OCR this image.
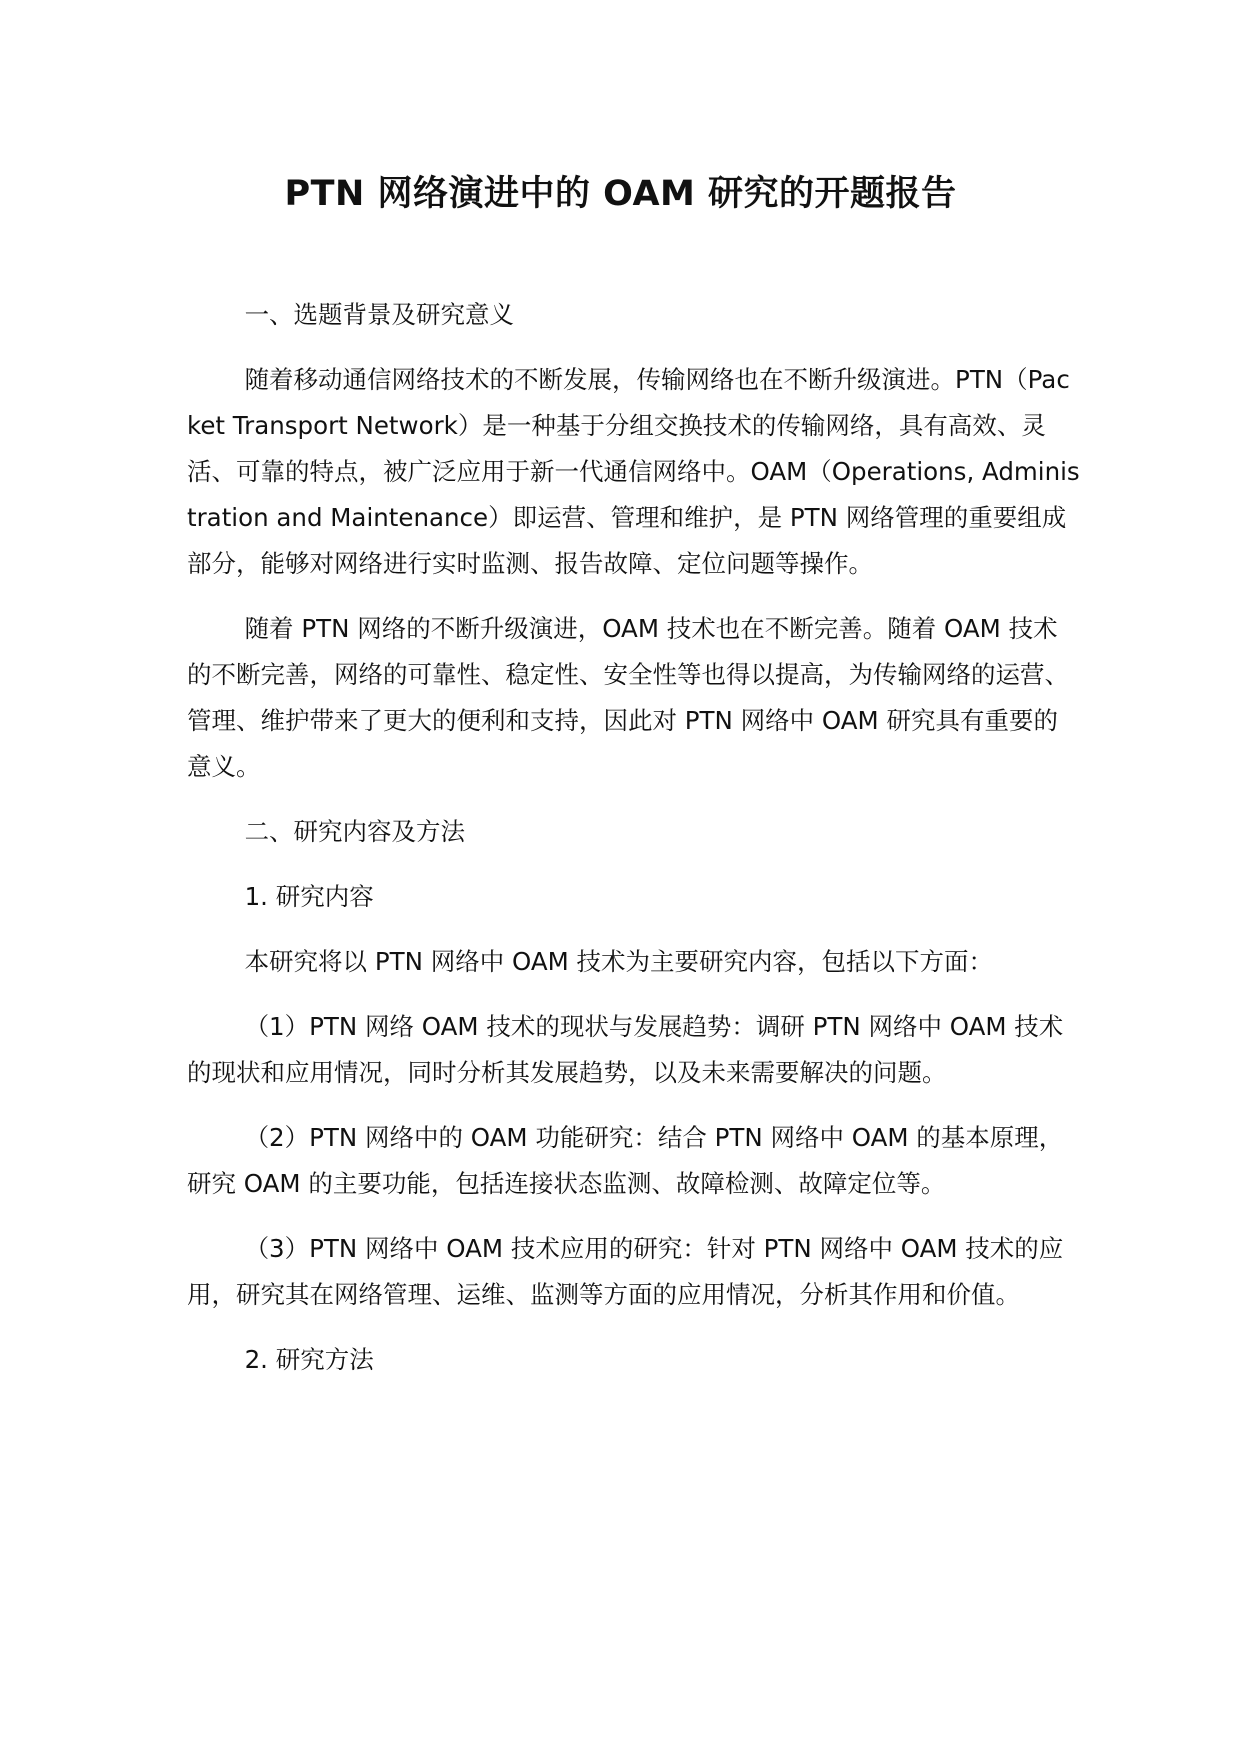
PTN 网络演进中的 OAM 研究的开题报告

一、选题背景及研究意义

随着移动通信网络技术的不断发展，传输网络也在不断升级演进。PTN（Packet Transport Network）是一种基于分组交换技术的传输网络，具有高效、灵活、可靠的特点，被广泛应用于新一代通信网络中。OAM（Operations, Administration and Maintenance）即运营、管理和维护，是 PTN 网络管理的重要组成部分，能够对网络进行实时监测、报告故障、定位问题等操作。

随着 PTN 网络的不断升级演进，OAM 技术也在不断完善。随着 OAM 技术的不断完善，网络的可靠性、稳定性、安全性等也得以提高，为传输网络的运营、管理、维护带来了更大的便利和支持，因此对 PTN 网络中 OAM 研究具有重要的意义。

二、研究内容及方法

1. 研究内容

本研究将以 PTN 网络中 OAM 技术为主要研究内容，包括以下方面：

（1）PTN 网络 OAM 技术的现状与发展趋势：调研 PTN 网络中 OAM 技术的现状和应用情况，同时分析其发展趋势，以及未来需要解决的问题。

（2）PTN 网络中的 OAM 功能研究：结合 PTN 网络中 OAM 的基本原理，研究 OAM 的主要功能，包括连接状态监测、故障检测、故障定位等。

（3）PTN 网络中 OAM 技术应用的研究：针对 PTN 网络中 OAM 技术的应用，研究其在网络管理、运维、监测等方面的应用情况，分析其作用和价值。

2. 研究方法
